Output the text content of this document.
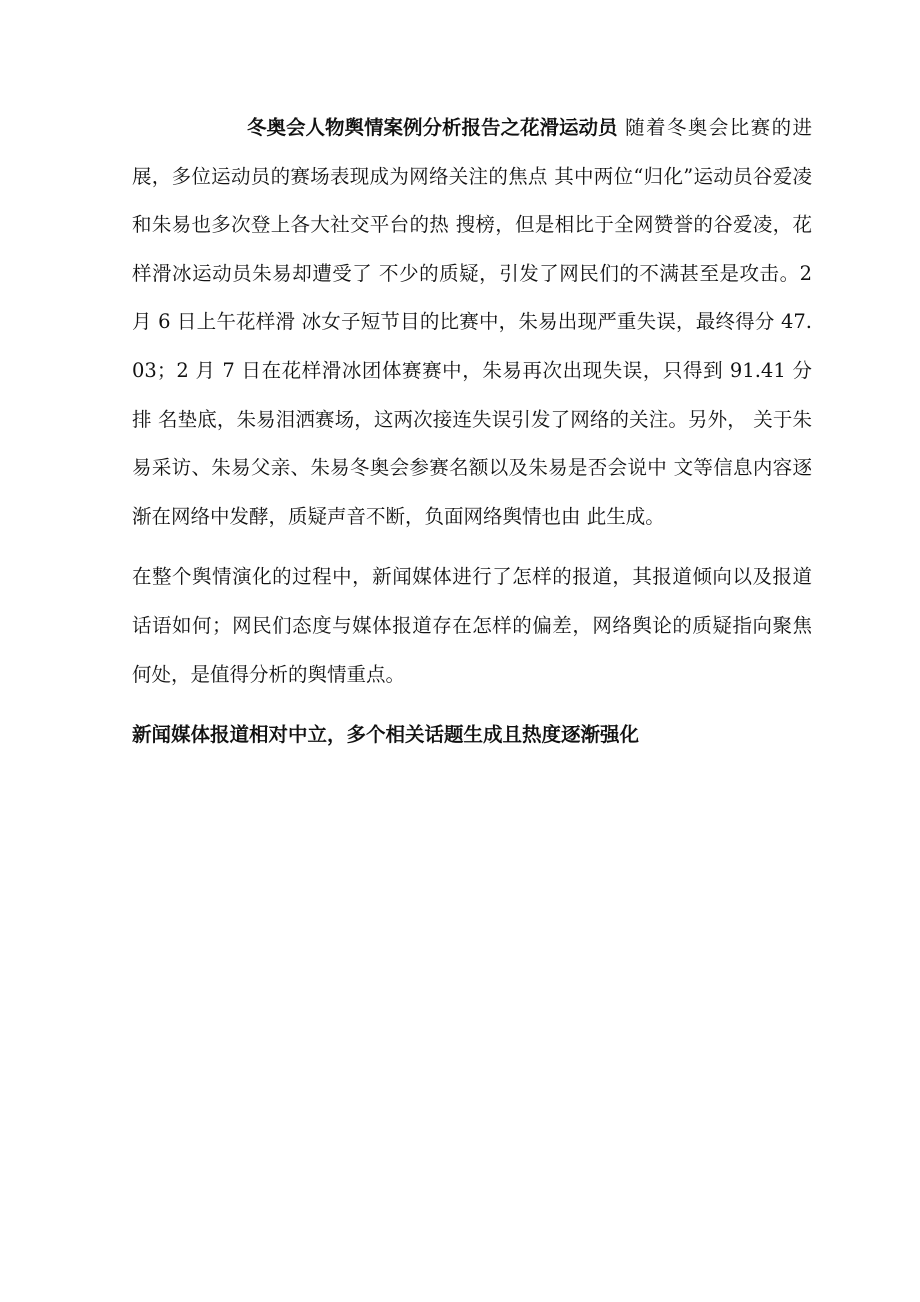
冬奥会人物舆情案例分析报告之花滑运动员 随着冬奥会比赛的进展，多位运动员的赛场表现成为网络关注的焦点 其中两位“归化”运动员谷爱凌和朱易也多次登上各大社交平台的热 搜榜，但是相比于全网赞誉的谷爱凌，花样滑冰运动员朱易却遭受了 不少的质疑，引发了网民们的不满甚至是攻击。2 月 6 日上午花样滑 冰女子短节目的比赛中，朱易出现严重失误，最终得分 47.03；2 月 7 日在花样滑冰团体赛赛中，朱易再次出现失误，只得到 91.41 分排 名垫底，朱易泪洒赛场，这两次接连失误引发了网络的关注。另外， 关于朱易采访、朱易父亲、朱易冬奥会参赛名额以及朱易是否会说中 文等信息内容逐渐在网络中发酵，质疑声音不断，负面网络舆情也由 此生成。

在整个舆情演化的过程中，新闻媒体进行了怎样的报道，其报道倾向以及报道话语如何；网民们态度与媒体报道存在怎样的偏差，网络舆论的质疑指向聚焦何处，是值得分析的舆情重点。

新闻媒体报道相对中立，多个相关话题生成且热度逐渐强化
